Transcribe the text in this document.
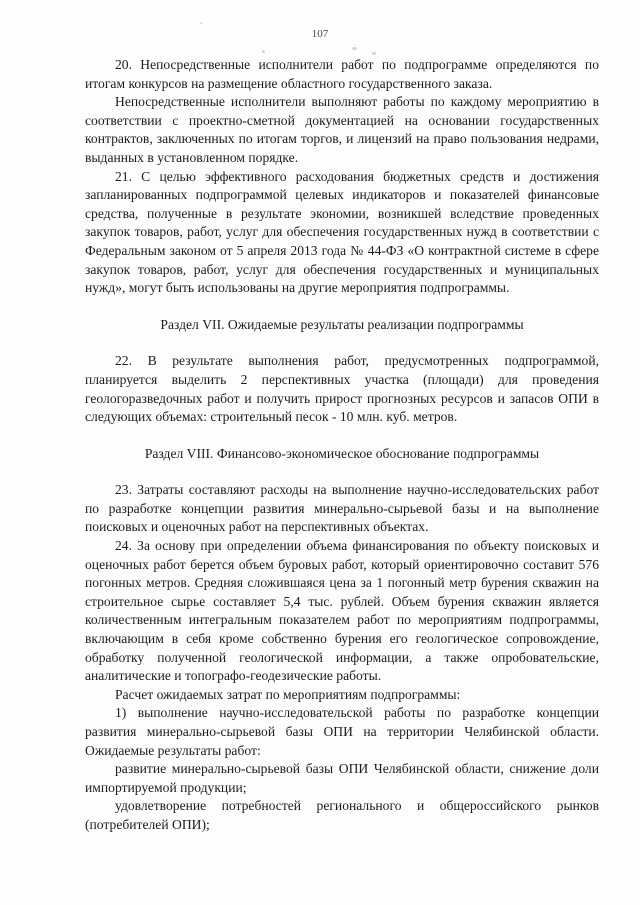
107

20. Непосредственные исполнители работ по подпрограмме определяются по итогам конкурсов на размещение областного государственного заказа.

Непосредственные исполнители выполняют работы по каждому мероприятию в соответствии с проектно-сметной документацией на основании государственных контрактов, заключенных по итогам торгов, и лицензий на право пользования недрами, выданных в установленном порядке.

21. С целью эффективного расходования бюджетных средств и достижения запланированных подпрограммой целевых индикаторов и показателей финансовые средства, полученные в результате экономии, возникшей вследствие проведенных закупок товаров, работ, услуг для обеспечения государственных нужд в соответствии с Федеральным законом от 5 апреля 2013 года № 44-ФЗ «О контрактной системе в сфере закупок товаров, работ, услуг для обеспечения государственных и муниципальных нужд», могут быть использованы на другие мероприятия подпрограммы.

Раздел VII. Ожидаемые результаты реализации подпрограммы

22. В результате выполнения работ, предусмотренных подпрограммой, планируется выделить 2 перспективных участка (площади) для проведения геологоразведочных работ и получить прирост прогнозных ресурсов и запасов ОПИ в следующих объемах: строительный песок - 10 млн. куб. метров.

Раздел VIII. Финансово-экономическое обоснование подпрограммы

23. Затраты составляют расходы на выполнение научно-исследовательских работ по разработке концепции развития минерально-сырьевой базы и на выполнение поисковых и оценочных работ на перспективных объектах.

24. За основу при определении объема финансирования по объекту поисковых и оценочных работ берется объем буровых работ, который ориентировочно составит 576 погонных метров. Средняя сложившаяся цена за 1 погонный метр бурения скважин на строительное сырье составляет 5,4 тыс. рублей. Объем бурения скважин является количественным интегральным показателем работ по мероприятиям подпрограммы, включающим в себя кроме собственно бурения его геологическое сопровождение, обработку полученной геологической информации, а также опробовательские, аналитические и топографо-геодезические работы.

Расчет ожидаемых затрат по мероприятиям подпрограммы:

1) выполнение научно-исследовательской работы по разработке концепции развития минерально-сырьевой базы ОПИ на территории Челябинской области. Ожидаемые результаты работ:

развитие минерально-сырьевой базы ОПИ Челябинской области, снижение доли импортируемой продукции;

удовлетворение потребностей регионального и общероссийского рынков (потребителей ОПИ);
